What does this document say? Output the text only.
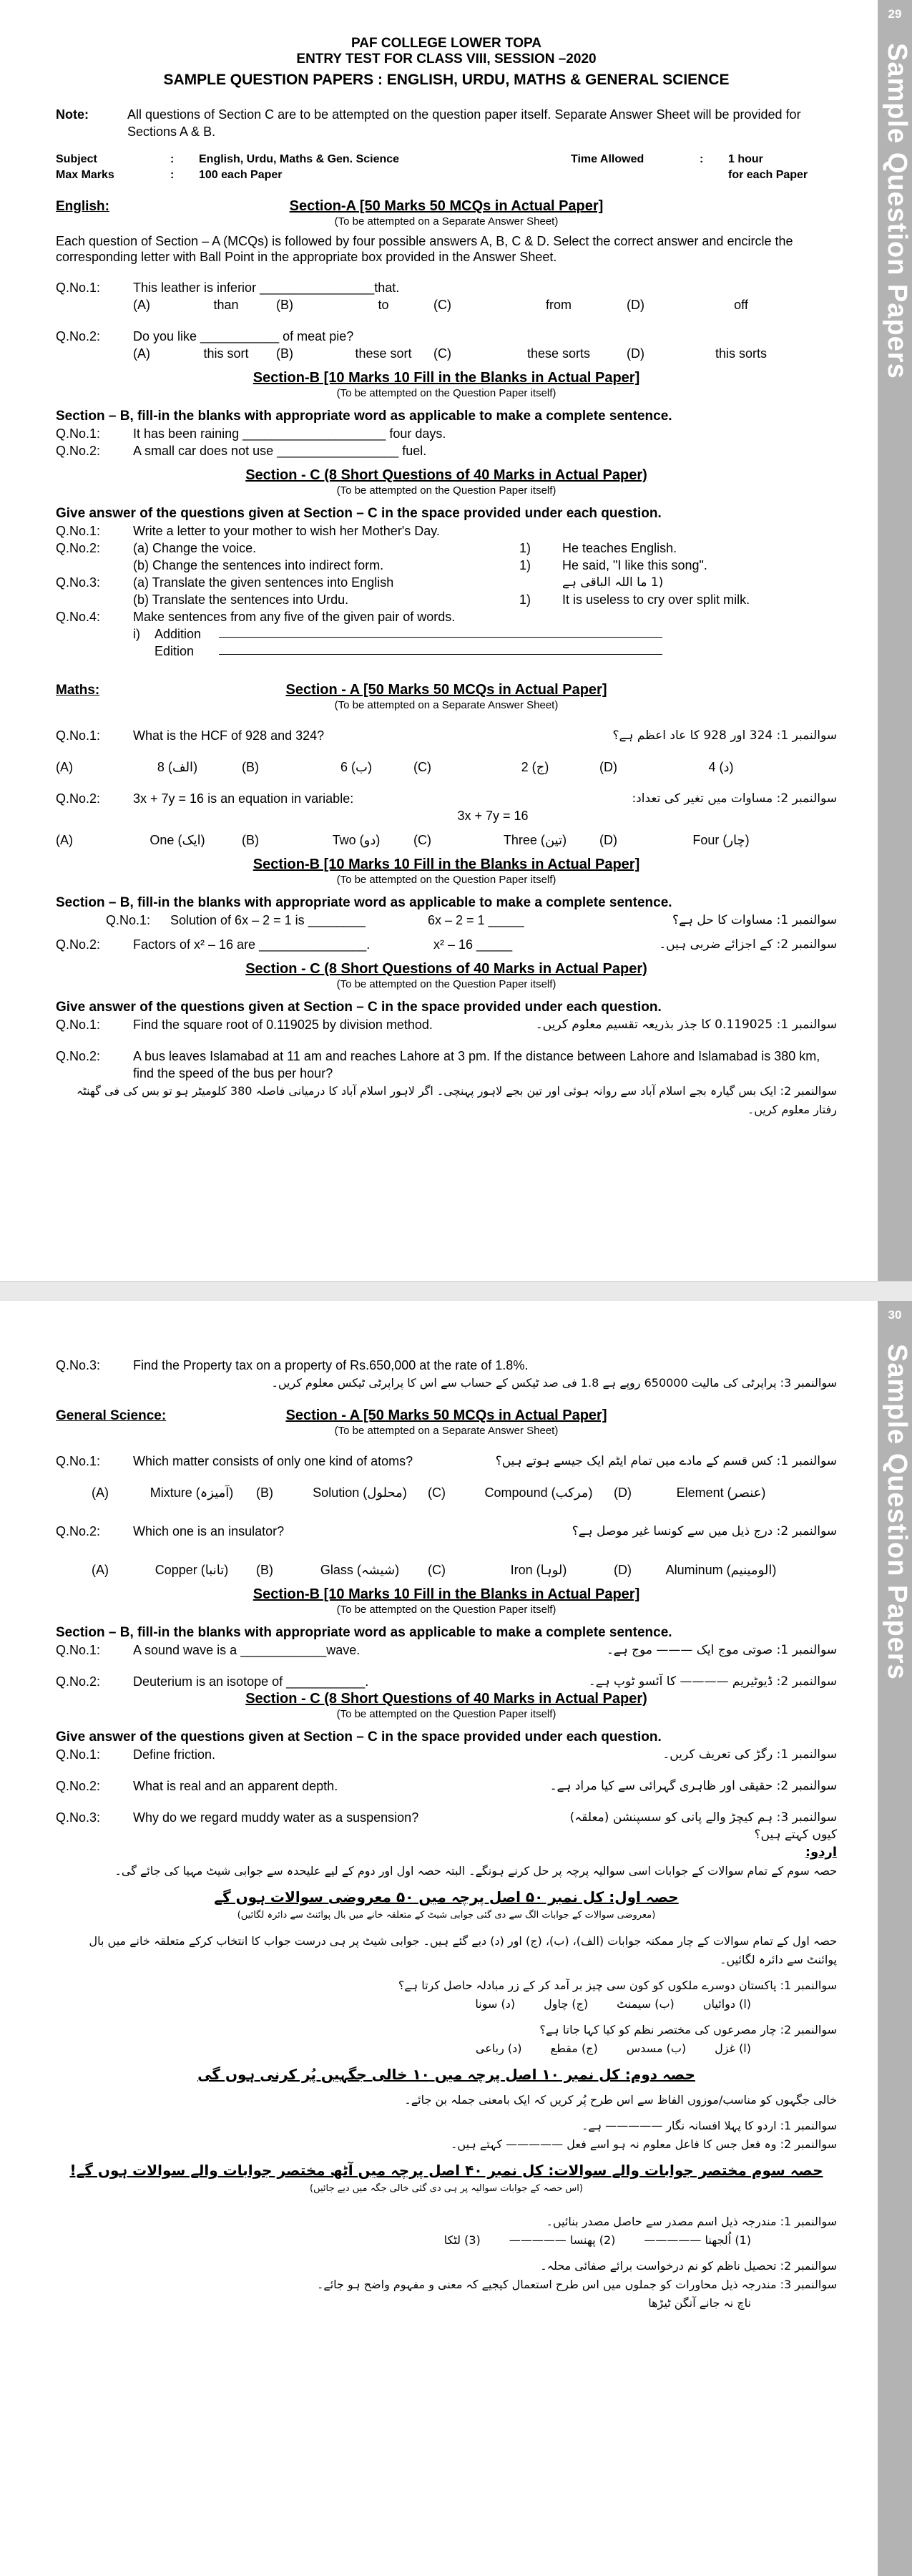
29
Sample Question Papers
PAF COLLEGE LOWER TOPA
ENTRY TEST FOR CLASS VIII, SESSION –2020
SAMPLE QUESTION PAPERS : ENGLISH, URDU, MATHS & GENERAL SCIENCE
Note:	All questions of Section C are to be attempted on the question paper itself. Separate Answer Sheet will be provided for Sections A & B.
Subject	:	English, Urdu, Maths & Gen. Science	Time Allowed	:	1 hour
Max Marks	:	100 each Paper	for each Paper
English:	Section-A [50 Marks 50 MCQs in Actual Paper]
(To be attempted on a Separate Answer Sheet)
Each question of Section – A (MCQs) is followed by four possible answers A, B, C & D. Select the correct answer and encircle the corresponding letter with Ball Point in the appropriate box provided in the Answer Sheet.
Q.No.1:	This leather is inferior ________________that.
(A)	than	(B)	to	(C)	from	(D)	off
Q.No.2:	Do you like ___________ of meat pie?
(A)	this sort	(B)	these sort	(C)	these sorts	(D)	this sorts
Section-B [10 Marks 10 Fill in the Blanks in Actual Paper]
(To be attempted on the Question Paper itself)
Section – B, fill-in the blanks with appropriate word as applicable to make a complete sentence.
Q.No.1:	It has been raining ____________________ four days.
Q.No.2:	A small car does not use _________________ fuel.
Section - C (8 Short Questions of 40 Marks in Actual Paper)
(To be attempted on the Question Paper itself)
Give answer of the questions given at Section – C in the space provided under each question.
Q.No.1:	Write a letter to your mother to wish her Mother's Day.
Q.No.2:	(a) Change the voice.	1)	He teaches English.
(b) Change the sentences into indirect form.	1)	He said, "I like this song".
Q.No.3:	(a) Translate the given sentences into English	(1 ما اللہ الباقی ہے
(b) Translate the sentences into Urdu.	1)	It is useless to cry over split milk.
Q.No.4:	Make sentences from any five of the given pair of words.
i)	Addition
Edition
Maths:	Section - A [50 Marks 50 MCQs in Actual Paper]
(To be attempted on a Separate Answer Sheet)
Q.No.1:	What is the HCF of 928 and 324?	سوالنمبر 1: 324 اور 928 کا عاد اعظم ہے؟
(A)	8 (الف)	(B)	6 (ب)	(C)	2 (ج)	(D)	4 (د)
Q.No.2:	3x + 7y = 16 is an equation in variable:	سوالنمبر 2: مساوات میں تغیر کی تعداد:
3x + 7y = 16
(A)	One (ایک)	(B)	Two (دو)	(C)	Three (تین)	(D)	Four (چار)
Section-B [10 Marks 10 Fill in the Blanks in Actual Paper]
(To be attempted on the Question Paper itself)
Section – B, fill-in the blanks with appropriate word as applicable to make a complete sentence.
Q.No.1:	Solution of 6x – 2 = 1 is ________	6x – 2 = 1 _____	سوالنمبر 1: مساوات کا حل ہے؟
Q.No.2:	Factors of x² – 16 are _______________.	x² – 16 _____	سوالنمبر 2: کے اجزائے ضربی ہیں۔
Section - C (8 Short Questions of 40 Marks in Actual Paper)
(To be attempted on the Question Paper itself)
Give answer of the questions given at Section – C in the space provided under each question.
Q.No.1:	Find the square root of 0.119025 by division method.	سوالنمبر 1: 0.119025 کا جذر بذریعہ تقسیم معلوم کریں۔
Q.No.2:	A bus leaves Islamabad at 11 am and reaches Lahore at 3 pm. If the distance between Lahore and Islamabad is 380 km, find the speed of the bus per hour?
سوالنمبر 2: ایک بس گیارہ بجے اسلام آباد سے روانہ ہوئی اور تین بجے لاہور پہنچی۔ اگر لاہور اسلام آباد کا درمیانی فاصلہ 380 کلومیٹر ہو تو بس کی فی گھنٹہ رفتار معلوم کریں۔
30
Sample Question Papers
Q.No.3:	Find the Property tax on a property of Rs.650,000 at the rate of 1.8%.
سوالنمبر 3: پراپرٹی کی مالیت 650000 روپے ہے 1.8 فی صد ٹیکس کے حساب سے اس کا پراپرٹی ٹیکس معلوم کریں۔
General Science:	Section - A [50 Marks 50 MCQs in Actual Paper]
(To be attempted on a Separate Answer Sheet)
Q.No.1:	Which matter consists of only one kind of atoms?	سوالنمبر 1: کس قسم کے مادے میں تمام ایٹم ایک جیسے ہوتے ہیں؟
(A)	Mixture (آمیزہ)	(B)	Solution (محلول)	(C)	Compound (مرکب)	(D)	Element (عنصر)
Q.No.2:	Which one is an insulator?	سوالنمبر 2: درج ذیل میں سے کونسا غیر موصل ہے؟
(A)	Copper (تانبا)	(B)	Glass (شیشہ)	(C)	Iron (لوہا)	(D)	Aluminum (الومینیم)
Section-B [10 Marks 10 Fill in the Blanks in Actual Paper]
(To be attempted on the Question Paper itself)
Section – B, fill-in the blanks with appropriate word as applicable to make a complete sentence.
Q.No.1:	A sound wave is a ____________wave.	سوالنمبر 1: صوتی موج ایک ——— موج ہے۔
Q.No.2:	Deuterium is an isotope of ___________.	سوالنمبر 2: ڈیوٹیریم ———— کا آئسو ٹوپ ہے۔
Section - C (8 Short Questions of 40 Marks in Actual Paper)
(To be attempted on the Question Paper itself)
Give answer of the questions given at Section – C in the space provided under each question.
Q.No.1:	Define friction.	سوالنمبر 1: رگڑ کی تعریف کریں۔
Q.No.2:	What is real and an apparent depth.	سوالنمبر 2: حقیقی اور ظاہری گہرائی سے کیا مراد ہے۔
Q.No.3:	Why do we regard muddy water as a suspension?	سوالنمبر 3: ہم کیچڑ والے پانی کو سسپنشن (معلقہ) کیوں کہتے ہیں؟
اردو:
حصہ سوم کے تمام سوالات کے جوابات اسی سوالیہ پرچہ پر حل کرنے ہونگے۔ البتہ حصہ اول اور دوم کے لیے علیحدہ سے جوابی شیٹ مہیا کی جائے گی۔
حصہ اول: کل نمبر ۵۰ اصل پرچہ میں ۵۰ معروضی سوالات ہوں گے
(معروضی سوالات کے جوابات الگ سے دی گئی جوابی شیٹ کے متعلقہ خانے میں بال پوائنٹ سے دائرہ لگائیں)
حصہ اول کے تمام سوالات کے چار ممکنہ جوابات (الف)، (ب)، (ج) اور (د) دیے گئے ہیں۔ جوابی شیٹ پر ہی درست جواب کا انتخاب کرکے متعلقہ خانے میں بال پوائنٹ سے دائرہ لگائیں۔
سوالنمبر 1: پاکستان دوسرے ملکوں کو کون سی چیز بر آمد کر کے زر مبادلہ حاصل کرتا ہے؟
(ا) دوائیاں
(ب) سیمنٹ
(ج) چاول
(د) سونا
سوالنمبر 2: چار مصرعوں کی مختصر نظم کو کیا کہا جاتا ہے؟
(ا) غزل
(ب) مسدس
(ج) مقطع
(د) رباعی
حصہ دوم: کل نمبر ۱۰ اصل پرچہ میں ۱۰ خالی جگہیں پُر کرنی ہوں گی
خالی جگہوں کو مناسب/موزوں الفاظ سے اس طرح پُر کریں کہ ایک بامعنی جملہ بن جائے۔
سوالنمبر 1: اردو کا پہلا افسانہ نگار ————— ہے۔
سوالنمبر 2: وہ فعل جس کا فاعل معلوم نہ ہو اسے فعل ————— کہتے ہیں۔
حصہ سوم مختصر جوابات والے سوالات: کل نمبر ۴۰ اصل پرچہ میں آٹھ مختصر جوابات والے سوالات ہوں گے!
(اس حصہ کے جوابات سوالیہ پر ہی دی گئی خالی جگہ میں دیے جائیں)
سوالنمبر 1: مندرجہ ذیل اسم مصدر سے حاصل مصدر بنائیں۔
(1) اُلجھنا —————
(2) پھنسا —————
(3) لٹکا
سوالنمبر 2: تحصیل ناظم کو نم درخواست برائے صفائی محلہ۔
سوالنمبر 3: مندرجہ ذیل محاورات کو جملوں میں اس طرح استعمال کیجیے کہ معنی و مفہوم واضح ہو جائے۔
ناچ نہ جانے آنگن ٹیڑھا
